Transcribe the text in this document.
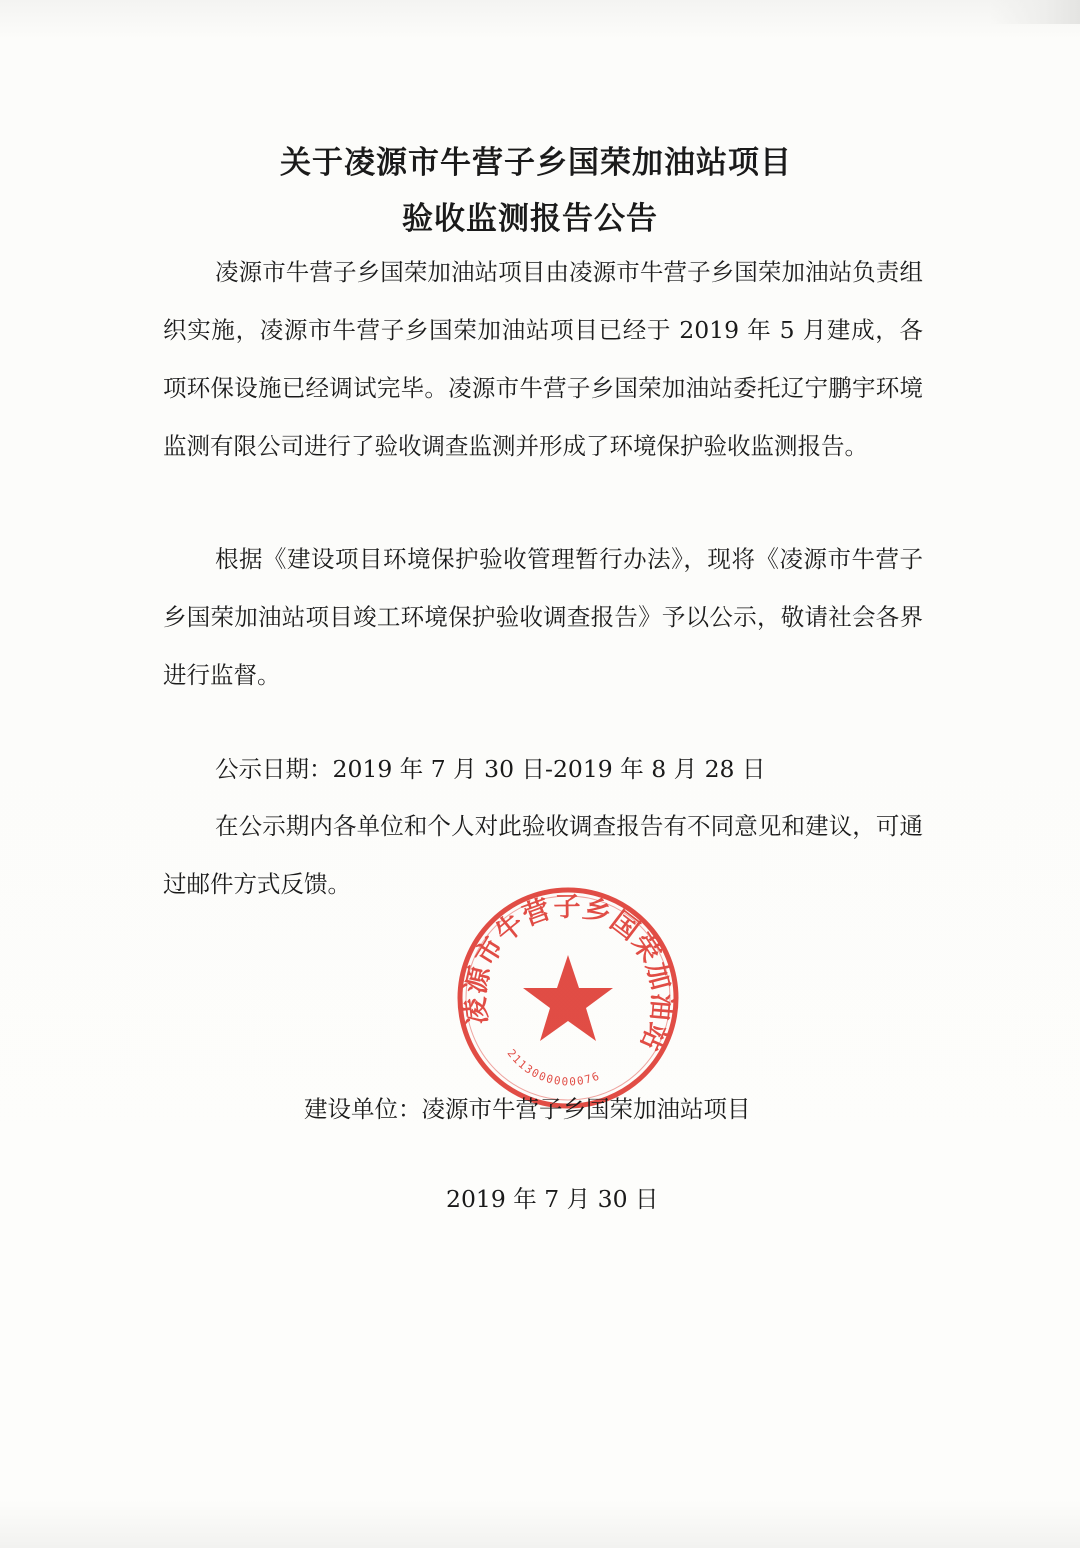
关于凌源市牛营子乡国荣加油站项目
验收监测报告公告

凌源市牛营子乡国荣加油站项目由凌源市牛营子乡国荣加油站负责组织实施，凌源市牛营子乡国荣加油站项目已经于 2019 年 5 月建成，各项环保设施已经调试完毕。凌源市牛营子乡国荣加油站委托辽宁鹏宇环境监测有限公司进行了验收调查监测并形成了环境保护验收监测报告。

根据《建设项目环境保护验收管理暂行办法》，现将《凌源市牛营子乡国荣加油站项目竣工环境保护验收调查报告》予以公示，敬请社会各界进行监督。

公示日期：2019 年 7 月 30 日-2019 年 8 月 28 日

在公示期内各单位和个人对此验收调查报告有不同意见和建议，可通过邮件方式反馈。

凌源市牛营子乡国荣加油站
2113000000076

建设单位：凌源市牛营子乡国荣加油站项目

2019 年 7 月 30 日
